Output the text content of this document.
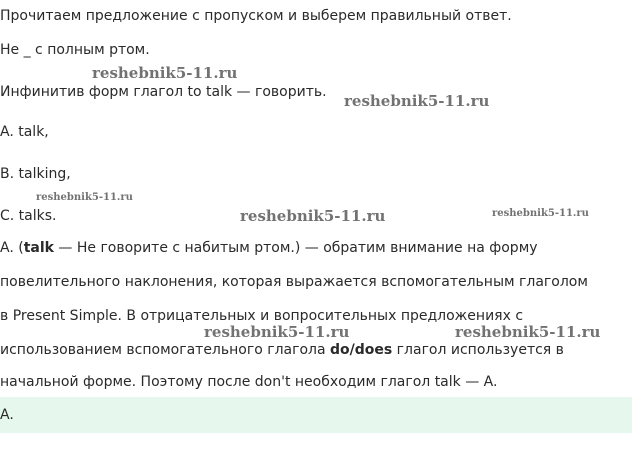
Прочитаем предложение с пропуском и выберем правильный ответ.
Не _ с полным ртом.
Инфинитив форм глагол to talk — говорить.
A. talk,
B. talking,
C. talks.
A. (talk — Не говорите с набитым ртом.) — обратим внимание на форму
повелительного наклонения, которая выражается вспомогательным глаголом
в Present Simple. В отрицательных и вопросительных предложениях с
использованием вспомогательного глагола do/does глагол используется в
начальной форме. Поэтому после don't необходим глагол talk — A.
A.
reshebnik5-11.ru
reshebnik5-11.ru
reshebnik5-11.ru
reshebnik5-11.ru	reshebnik5-11.ru
reshebnik5-11.ru	reshebnik5-11.ru
